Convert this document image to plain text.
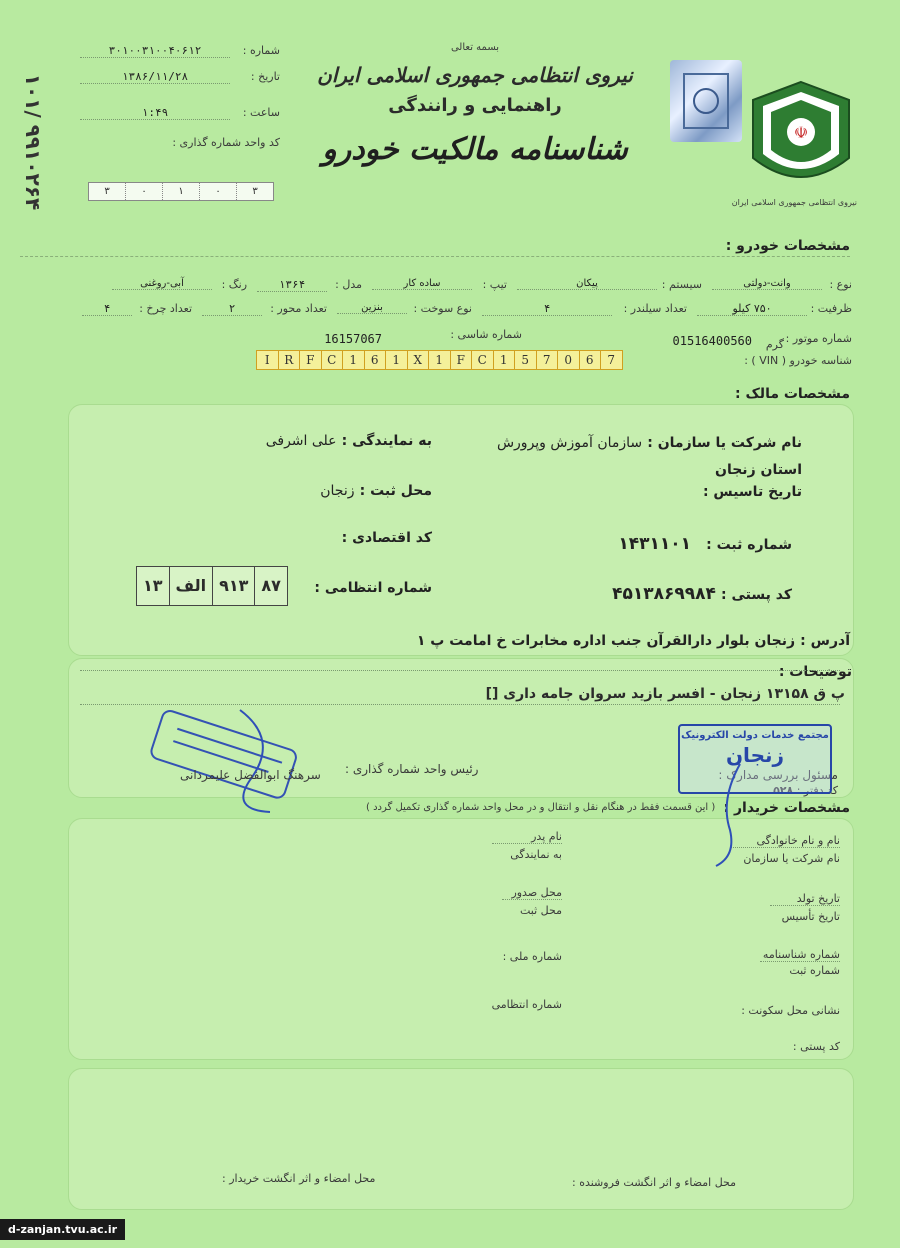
۱۰۱/ ۹۹۱۰۲۶۴
شماره :
۳۰۱۰۰۳۱۰۰۴۰۶۱۲
تاریخ :
۱۳۸۶/۱۱/۲۸
ساعت :
۱:۴۹
کد واحد شماره گذاری :
۳	۰	۱	۰	۳
بسمه تعالی
نیروی انتظامی جمهوری اسلامی ایران
راهنمایی و رانندگی
شناسنامه مالکیت خودرو	☫
نیروی انتظامی جمهوری اسلامی ایران
مشخصات خودرو :
نوع :
وانت-دولتی
سیستم :
پیکان
تیپ :
ساده کار
مدل :
۱۳۶۴
رنگ :
آبی-روغنی
ظرفیت :
۷۵۰ کیلو
تعداد سیلندر :
۴
نوع سوخت :
بنزین
تعداد محور :
۲
تعداد چرخ :
۴
شماره موتور :
گرم
01516400560
شماره شاسی :
16157067
شناسه خودرو ( VIN ) :
I	R	F	C	1	6	1	X	1	F	C	1	5	7	0	6	7
مشخصات مالک :
نام شرکت یا سازمان : سازمان آموزش وپرورش
به نمایندگی : علی اشرفی
استان زنجان
تاریخ تاسیس :
محل ثبت : زنجان
شماره ثبت : ۱۴۳۱۱۰۱
کد اقتصادی :
کد پستی : ۴۵۱۳۸۶۹۹۸۴
شماره انتظامی :
۸۷
۹۱۳
الف
۱۳
آدرس : زنجان بلوار دارالقرآن جنب اداره مخابرات خ امامت پ ۱
توضیحات :
پ ق ۱۳۱۵۸ زنجان - افسر بازید سروان جامه داری []
رئیس واحد شماره گذاری :	مسئول بررسی مدارک :
کد دفتر : ۵۲۸
مجتمع خدمات دولت الکترونیک
زنجان
سرهنگ ابوالفضل علیمردانی
مشخصات خریدار :
( این قسمت فقط در هنگام نقل و انتقال و در محل واحد شماره گذاری تکمیل گردد )
نام و نام خانوادگی
نام شرکت یا سازمان
نام پدر
به نمایندگی
تاریخ تولد
تاریخ تأسیس
محل صدور
محل ثبت
شماره شناسنامه
شماره ثبت
شماره ملی :
نشانی محل سکونت :
شماره انتظامی
کد پستی :
محل امضاء و اثر انگشت فروشنده :
محل امضاء و اثر انگشت خریدار :
d-zanjan.tvu.ac.ir
